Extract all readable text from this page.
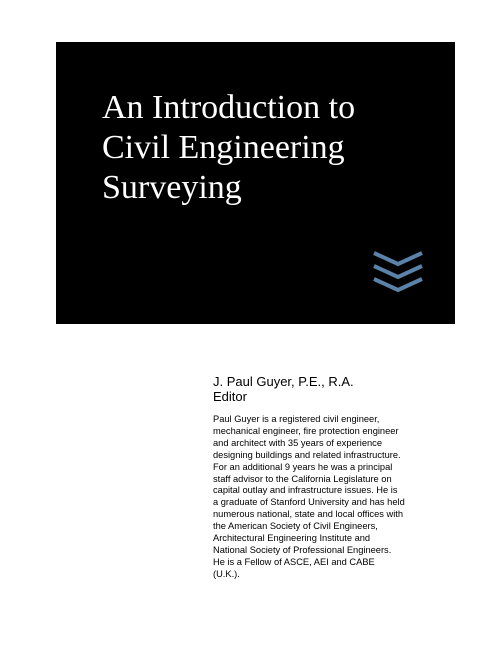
An Introduction to
Civil Engineering
Surveying

J. Paul Guyer, P.E., R.A.

Editor

Paul Guyer is a registered civil engineer,
mechanical engineer, fire protection engineer
and architect with 35 years of experience
designing buildings and related infrastructure.
For an additional 9 years he was a principal
staff advisor to the California Legislature on
capital outlay and infrastructure issues. He is
a graduate of Stanford University and has held
numerous national, state and local offices with
the American Society of Civil Engineers,
Architectural Engineering Institute and
National Society of Professional Engineers.
He is a Fellow of ASCE, AEI and CABE
(U.K.).
